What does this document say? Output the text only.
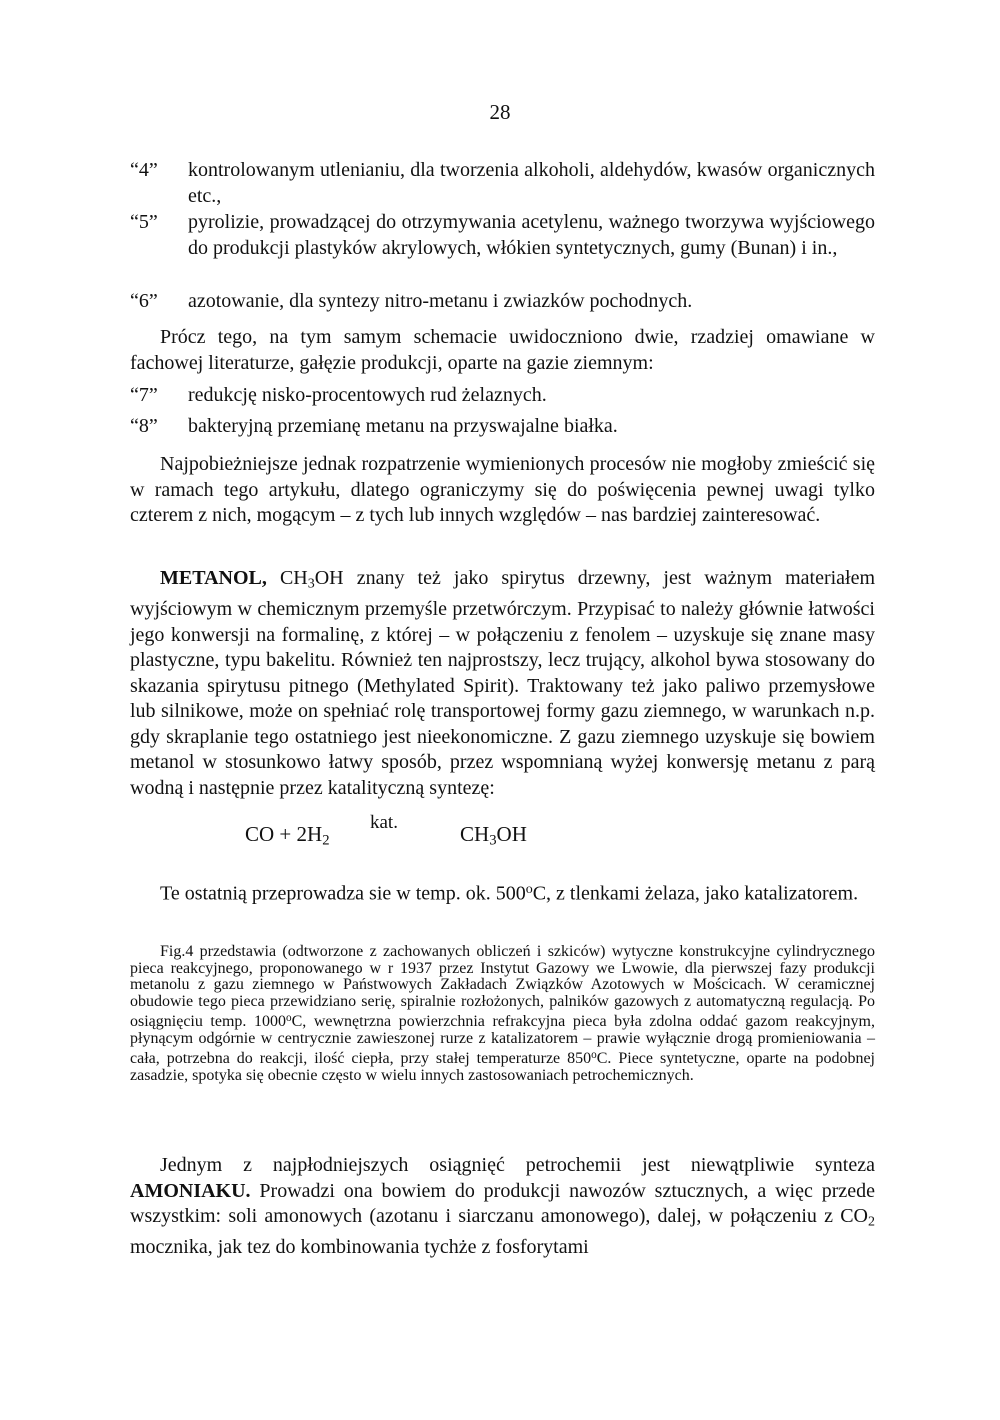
28
“4” kontrolowanym utlenianiu, dla tworzenia alkoholi, aldehydów, kwasów organicznych etc.,
“5” pyrolizie, prowadzącej do otrzymywania acetylenu, ważnego tworzywa wyjściowego do produkcji plastyków akrylowych, włókien syntetycznych, gumy (Bunan) i in.,
“6” azotowanie, dla syntezy nitro-metanu i zwiazków pochodnych.

Prócz tego, na tym samym schemacie uwidoczniono dwie, rzadziej omawiane w fachowej literaturze, gałęzie produkcji, oparte na gazie ziemnym:

“7” redukcję nisko-procentowych rud żelaznych.
“8” bakteryjną przemianę metanu na przyswajalne białka.

Najpobieżniejsze jednak rozpatrzenie wymienionych procesów nie mogłoby zmieścić się w ramach tego artykułu, dlatego ograniczymy się do poświęcenia pewnej uwagi tylko czterem z nich, mogącym – z tych lub innych względów – nas bardziej zainteresować.

METANOL, $CH_3OH$ znany też jako spirytus drzewny, jest ważnym materiałem wyjściowym w chemicznym przemyśle przetwórczym. Przypisać to należy głównie łatwości jego konwersji na formalinę, z której – w połączeniu z fenolem – uzyskuje się znane masy plastyczne, typu bakelitu. Również ten najprostszy, lecz trujący, alkohol bywa stosowany do skazania spirytusu pitnego (Methylated Spirit). Traktowany też jako paliwo przemysłowe lub silnikowe, może on spełniać rolę transportowej formy gazu ziemnego, w warunkach n.p. gdy skraplanie tego ostatniego jest nieekonomiczne. Z gazu ziemnego uzyskuje się bowiem metanol w stosunkowo łatwy sposób, przez wspomnianą wyżej konwersję metanu z parą wodną i następnie przez katalityczną syntezę:

CO + $2H_2$
kat.	$CH_3OH$

Te ostatnią przeprowadza sie w temp. ok. 500$^o$C, z tlenkami żelaza, jako katalizatorem.

Fig.4 przedstawia (odtworzone z zachowanych obliczeń i szkiców) wytyczne konstrukcyjne cylindrycznego pieca reakcyjnego, proponowanego w r 1937 przez Instytut Gazowy we Lwowie, dla pierwszej fazy produkcji metanolu z gazu ziemnego w Państwowych Zakładach Związków Azotowych w Mościcach. W ceramicznej obudowie tego pieca przewidziano serię, spiralnie rozłożonych, palników gazowych z automatyczną regulacją. Po osiągnięciu temp. 1000$^o$C, wewnętrzna powierzchnia refrakcyjna pieca była zdolna oddać gazom reakcyjnym, płynącym odgórnie w centrycznie zawieszonej rurze z katalizatorem – prawie wyłącznie drogą promieniowania – cała, potrzebna do reakcji, ilość ciepła, przy stałej temperaturze 850$^o$C. Piece syntetyczne, oparte na podobnej zasadzie, spotyka się obecnie często w wielu innych zastosowaniach petrochemicznych.

Jednym z najpłodniejszych osiągnięć petrochemii jest niewątpliwie synteza AMONIAKU. Prowadzi ona bowiem do produkcji nawozów sztucznych, a więc przede wszystkim: soli amonowych (azotanu i siarczanu amonowego), dalej, w połączeniu z $CO_2$ mocznika, jak tez do kombinowania tychże z fosforytami
